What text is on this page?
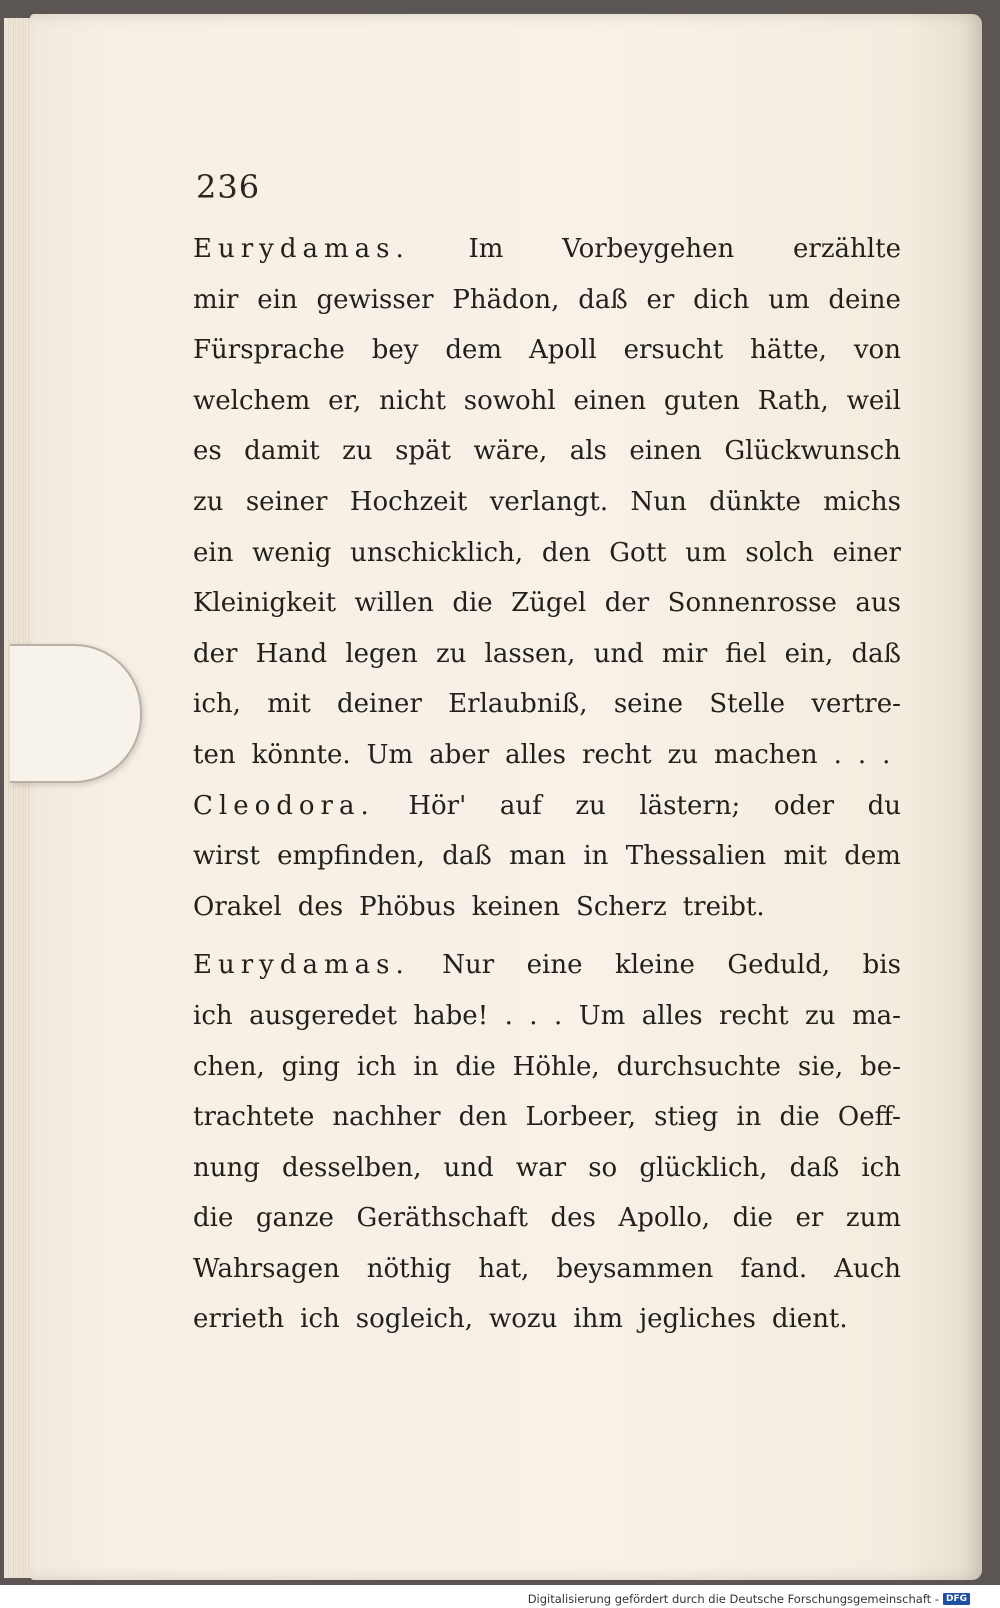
236
Eurydamas. Im Vorbeygehen erzählte
mir ein gewisser Phädon, daß er dich um deine
Fürsprache bey dem Apoll ersucht hätte, von
welchem er, nicht sowohl einen guten Rath, weil
es damit zu spät wäre, als einen Glückwunsch
zu seiner Hochzeit verlangt. Nun dünkte michs
ein wenig unschicklich, den Gott um solch einer
Kleinigkeit willen die Zügel der Sonnenrosse aus
der Hand legen zu lassen, und mir fiel ein, daß
ich, mit deiner Erlaubniß, seine Stelle vertre-
ten könnte. Um aber alles recht zu machen . . .
Cleodora. Hör' auf zu lästern; oder du
wirst empfinden, daß man in Thessalien mit dem
Orakel des Phöbus keinen Scherz treibt.
Eurydamas. Nur eine kleine Geduld, bis
ich ausgeredet habe! . . . Um alles recht zu ma-
chen, ging ich in die Höhle, durchsuchte sie, be-
trachtete nachher den Lorbeer, stieg in die Oeff-
nung desselben, und war so glücklich, daß ich
die ganze Geräthschaft des Apollo, die er zum
Wahrsagen nöthig hat, beysammen fand. Auch
errieth ich sogleich, wozu ihm jegliches dient.
Digitalisierung gefördert durch die Deutsche Forschungsgemeinschaft - DFG
